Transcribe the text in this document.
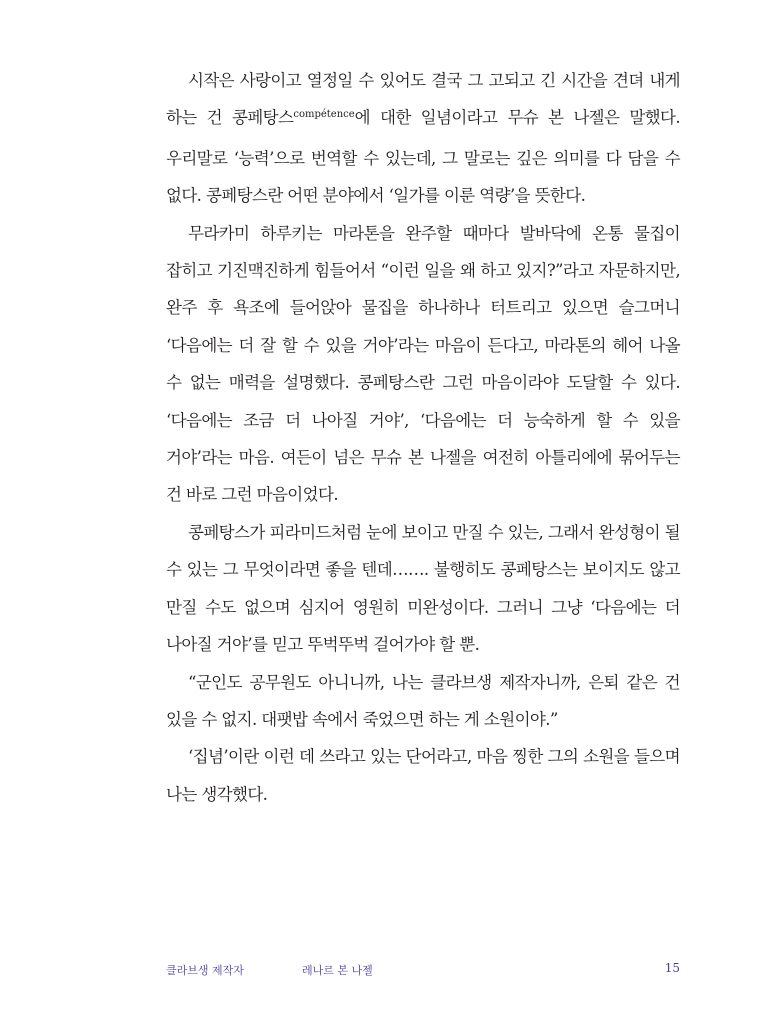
시작은 사랑이고 열정일 수 있어도 결국 그 고되고 긴 시간을 견뎌 내게 하는 건 콩페탕스$^{compétence}$에 대한 일념이라고 무슈 본 나젤은 말했다. 우리말로 ‘능력’으로 번역할 수 있는데, 그 말로는 깊은 의미를 다 담을 수 없다. 콩페탕스란 어떤 분야에서 ‘일가를 이룬 역량’을 뜻한다.

무라카미 하루키는 마라톤을 완주할 때마다 발바닥에 온통 물집이 잡히고 기진맥진하게 힘들어서 “이런 일을 왜 하고 있지?”라고 자문하지만, 완주 후 욕조에 들어앉아 물집을 하나하나 터트리고 있으면 슬그머니 ‘다음에는 더 잘 할 수 있을 거야’라는 마음이 든다고, 마라톤의 헤어 나올 수 없는 매력을 설명했다. 콩페탕스란 그런 마음이라야 도달할 수 있다. ‘다음에는 조금 더 나아질 거야’, ‘다음에는 더 능숙하게 할 수 있을 거야’라는 마음. 여든이 넘은 무슈 본 나젤을 여전히 아틀리에에 묶어두는 건 바로 그런 마음이었다.

콩페탕스가 피라미드처럼 눈에 보이고 만질 수 있는, 그래서 완성형이 될 수 있는 그 무엇이라면 좋을 텐데……. 불행히도 콩페탕스는 보이지도 않고 만질 수도 없으며 심지어 영원히 미완성이다. 그러니 그냥 ‘다음에는 더 나아질 거야’를 믿고 뚜벅뚜벅 걸어가야 할 뿐.

“군인도 공무원도 아니니까, 나는 클라브생 제작자니까, 은퇴 같은 건 있을 수 없지. 대팻밥 속에서 죽었으면 하는 게 소원이야.”

‘집념’이란 이런 데 쓰라고 있는 단어라고, 마음 찡한 그의 소원을 들으며 나는 생각했다.

클라브생 제작자	레나르 본 나젤	15
